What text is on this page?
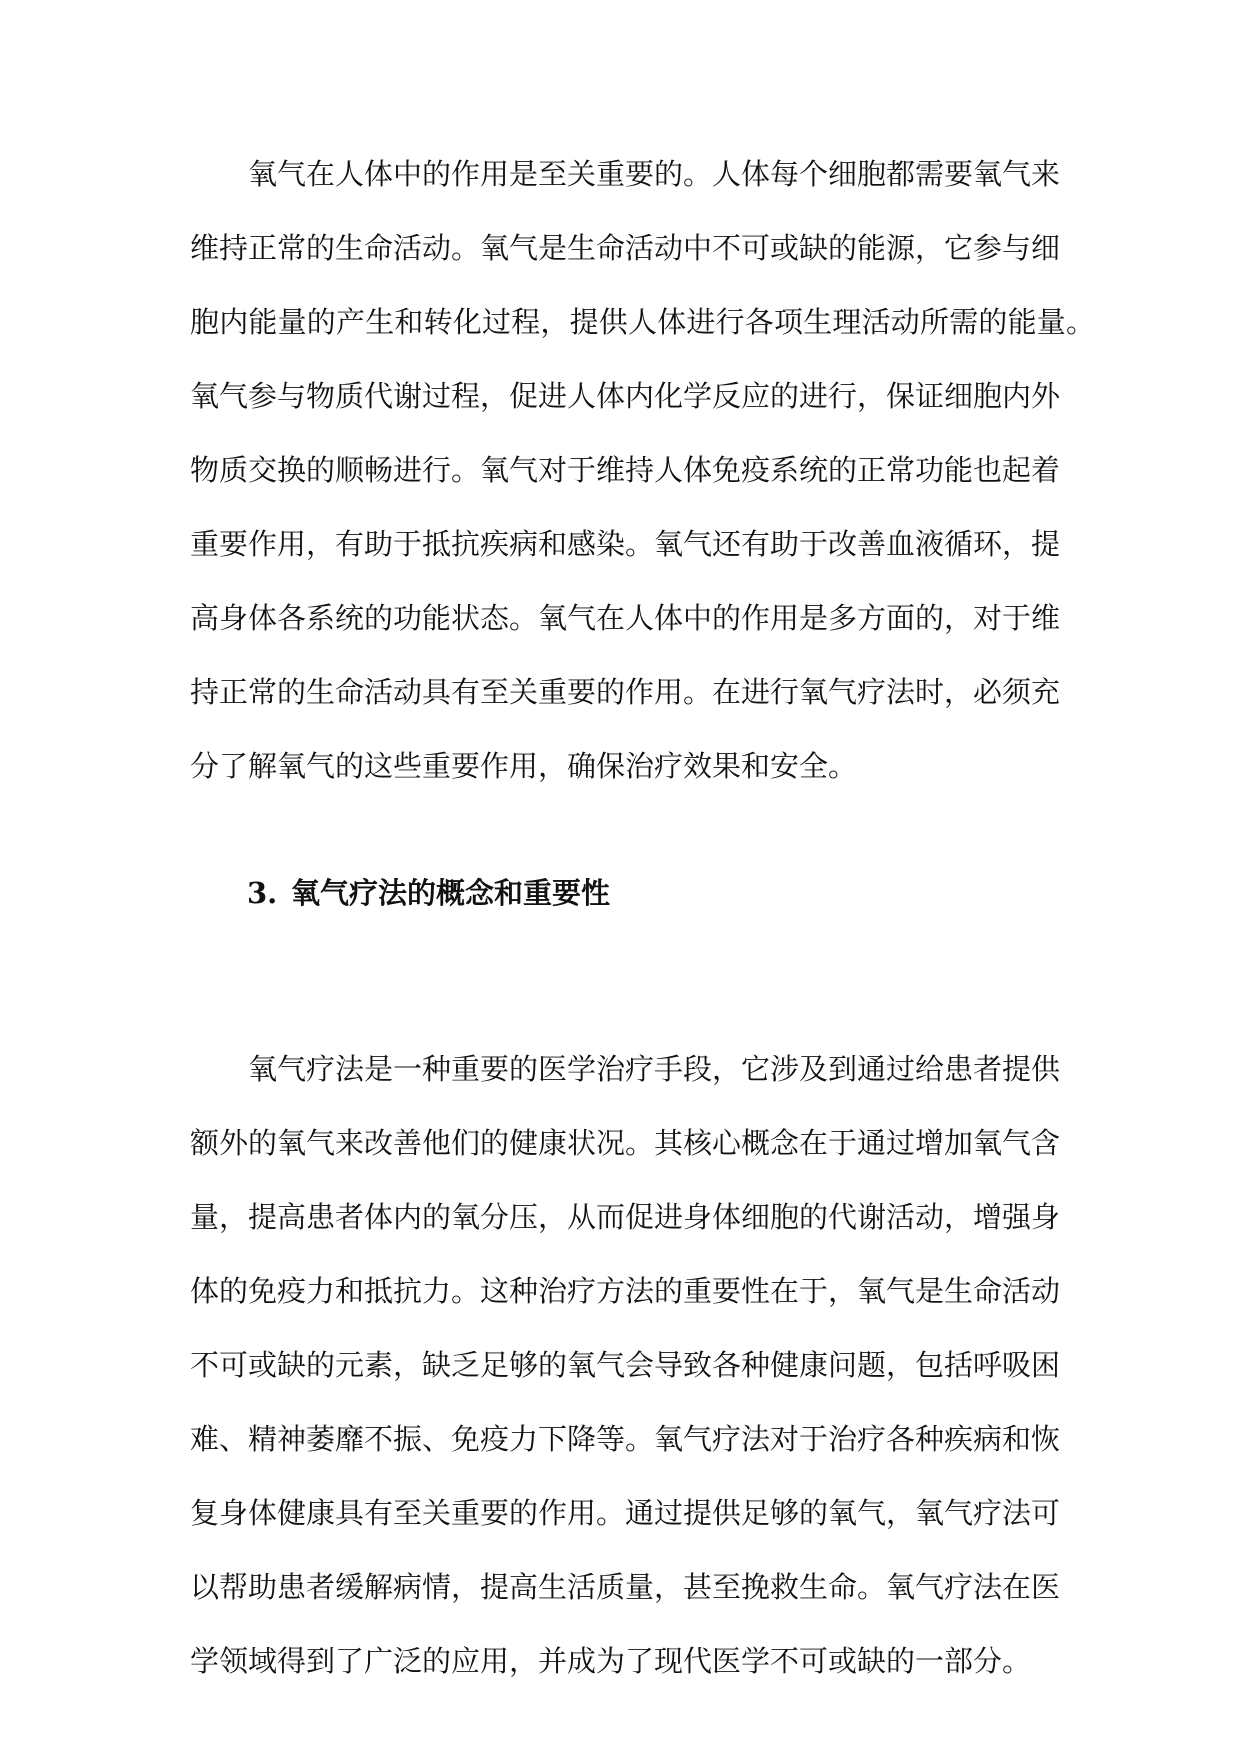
氧气在人体中的作用是至关重要的。人体每个细胞都需要氧气来
维持正常的生命活动。氧气是生命活动中不可或缺的能源，它参与细
胞内能量的产生和转化过程，提供人体进行各项生理活动所需的能量。
氧气参与物质代谢过程，促进人体内化学反应的进行，保证细胞内外
物质交换的顺畅进行。氧气对于维持人体免疫系统的正常功能也起着
重要作用，有助于抵抗疾病和感染。氧气还有助于改善血液循环，提
高身体各系统的功能状态。氧气在人体中的作用是多方面的，对于维
持正常的生命活动具有至关重要的作用。在进行氧气疗法时，必须充
分了解氧气的这些重要作用，确保治疗效果和安全。
3. 氧气疗法的概念和重要性
氧气疗法是一种重要的医学治疗手段，它涉及到通过给患者提供
额外的氧气来改善他们的健康状况。其核心概念在于通过增加氧气含
量，提高患者体内的氧分压，从而促进身体细胞的代谢活动，增强身
体的免疫力和抵抗力。这种治疗方法的重要性在于，氧气是生命活动
不可或缺的元素，缺乏足够的氧气会导致各种健康问题，包括呼吸困
难、精神萎靡不振、免疫力下降等。氧气疗法对于治疗各种疾病和恢
复身体健康具有至关重要的作用。通过提供足够的氧气，氧气疗法可
以帮助患者缓解病情，提高生活质量，甚至挽救生命。氧气疗法在医
学领域得到了广泛的应用，并成为了现代医学不可或缺的一部分。
